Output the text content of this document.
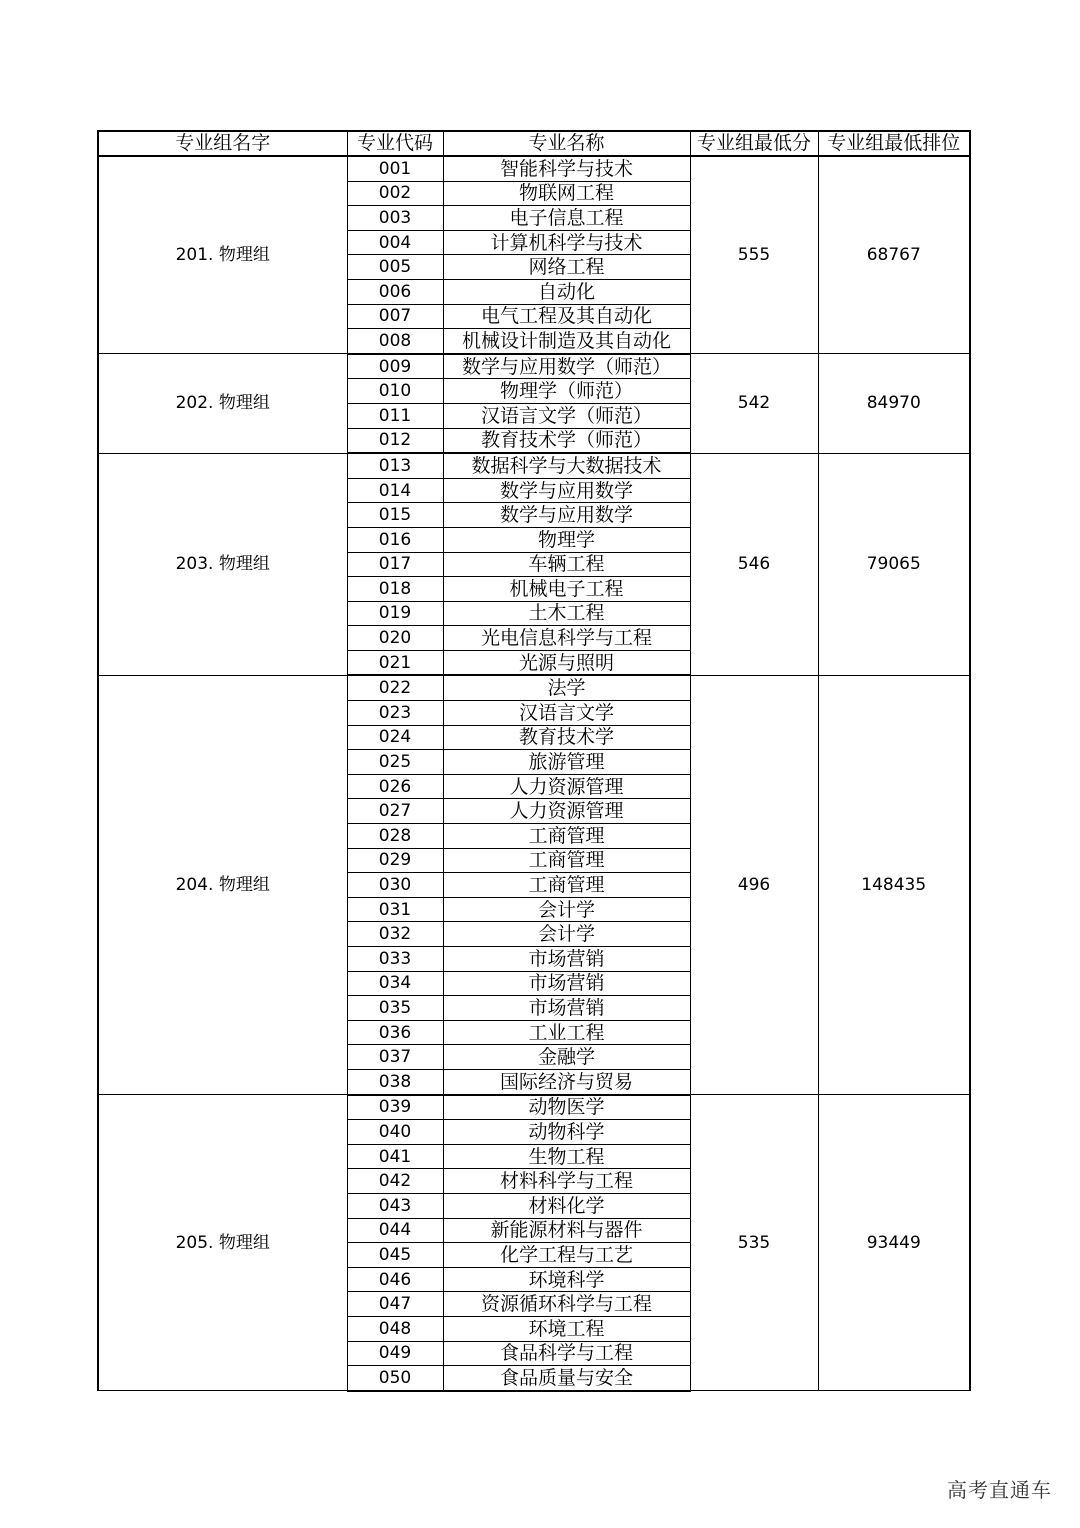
专业组名字	专业代码	专业名称	专业组最低分	专业组最低排位
201. 物理组	001	智能科学与技术	555	68767
	002	物联网工程		
	003	电子信息工程		
	004	计算机科学与技术		
	005	网络工程		
	006	自动化		
	007	电气工程及其自动化		
	008	机械设计制造及其自动化		
202. 物理组	009	数学与应用数学（师范）	542	84970
	010	物理学（师范）		
	011	汉语言文学（师范）		
	012	教育技术学（师范）		
203. 物理组	013	数据科学与大数据技术	546	79065
	014	数学与应用数学		
	015	数学与应用数学		
	016	物理学		
	017	车辆工程		
	018	机械电子工程		
	019	土木工程		
	020	光电信息科学与工程		
	021	光源与照明		
204. 物理组	022	法学	496	148435
	023	汉语言文学		
	024	教育技术学		
	025	旅游管理		
	026	人力资源管理		
	027	人力资源管理		
	028	工商管理		
	029	工商管理		
	030	工商管理		
	031	会计学		
	032	会计学		
	033	市场营销		
	034	市场营销		
	035	市场营销		
	036	工业工程		
	037	金融学		
	038	国际经济与贸易		
205. 物理组	039	动物医学	535	93449
	040	动物科学		
	041	生物工程		
	042	材料科学与工程		
	043	材料化学		
	044	新能源材料与器件		
	045	化学工程与工艺		
	046	环境科学		
	047	资源循环科学与工程		
	048	环境工程		
	049	食品科学与工程		
	050	食品质量与安全		
高考直通车
